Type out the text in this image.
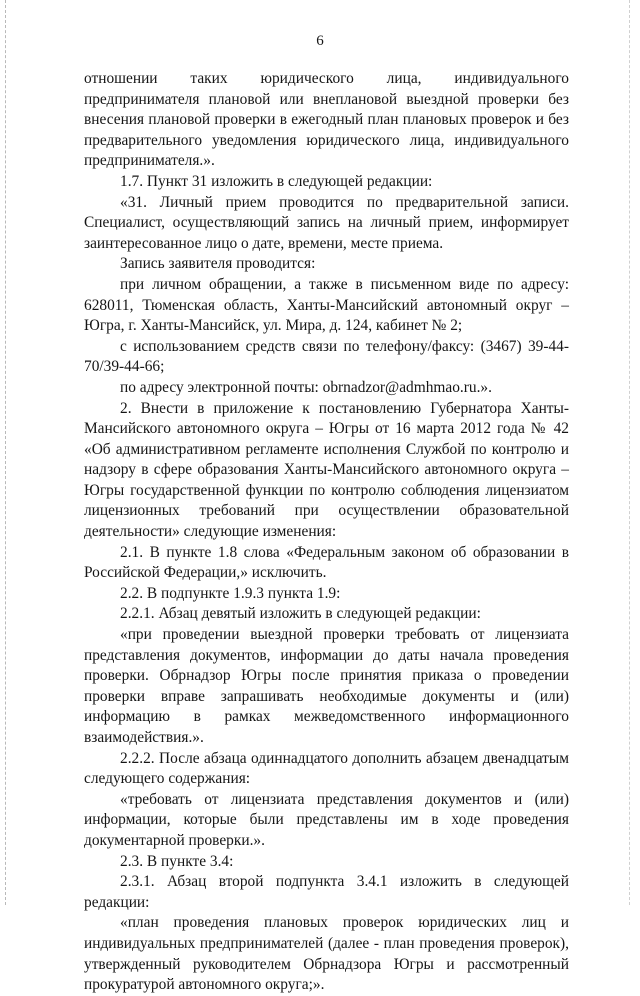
6

отношении таких юридического лица, индивидуального предпринимателя плановой или внеплановой выездной проверки без внесения плановой проверки в ежегодный план плановых проверок и без предварительного уведомления юридического лица, индивидуального предпринимателя.».

1.7. Пункт 31 изложить в следующей редакции:

«31. Личный прием проводится по предварительной записи. Специалист, осуществляющий запись на личный прием, информирует заинтересованное лицо о дате, времени, месте приема.

Запись заявителя проводится:

при личном обращении, а также в письменном виде по адресу: 628011, Тюменская область, Ханты-Мансийский автономный округ – Югра, г. Ханты-Мансийск, ул. Мира, д. 124, кабинет № 2;

с использованием средств связи по телефону/факсу: (3467) 39-44-70/39-44-66;

по адресу электронной почты: obrnadzor@admhmao.ru.».

2. Внести в приложение к постановлению Губернатора Ханты-Мансийского автономного округа – Югры от 16 марта 2012 года № 42 «Об административном регламенте исполнения Службой по контролю и надзору в сфере образования Ханты-Мансийского автономного округа – Югры государственной функции по контролю соблюдения лицензиатом лицензионных требований при осуществлении образовательной деятельности» следующие изменения:

2.1. В пункте 1.8 слова «Федеральным законом об образовании в Российской Федерации,» исключить.

2.2. В подпункте 1.9.3 пункта 1.9:

2.2.1. Абзац девятый изложить в следующей редакции:

«при проведении выездной проверки требовать от лицензиата представления документов, информации до даты начала проведения проверки. Обрнадзор Югры после принятия приказа о проведении проверки вправе запрашивать необходимые документы и (или) информацию в рамках межведомственного информационного взаимодействия.».

2.2.2. После абзаца одиннадцатого дополнить абзацем двенадцатым следующего содержания:

«требовать от лицензиата представления документов и (или) информации, которые были представлены им в ходе проведения документарной проверки.».

2.3. В пункте 3.4:

2.3.1. Абзац второй подпункта 3.4.1 изложить в следующей редакции:

«план проведения плановых проверок юридических лиц и индивидуальных предпринимателей (далее - план проведения проверок), утвержденный руководителем Обрнадзора Югры и рассмотренный прокуратурой автономного округа;».
